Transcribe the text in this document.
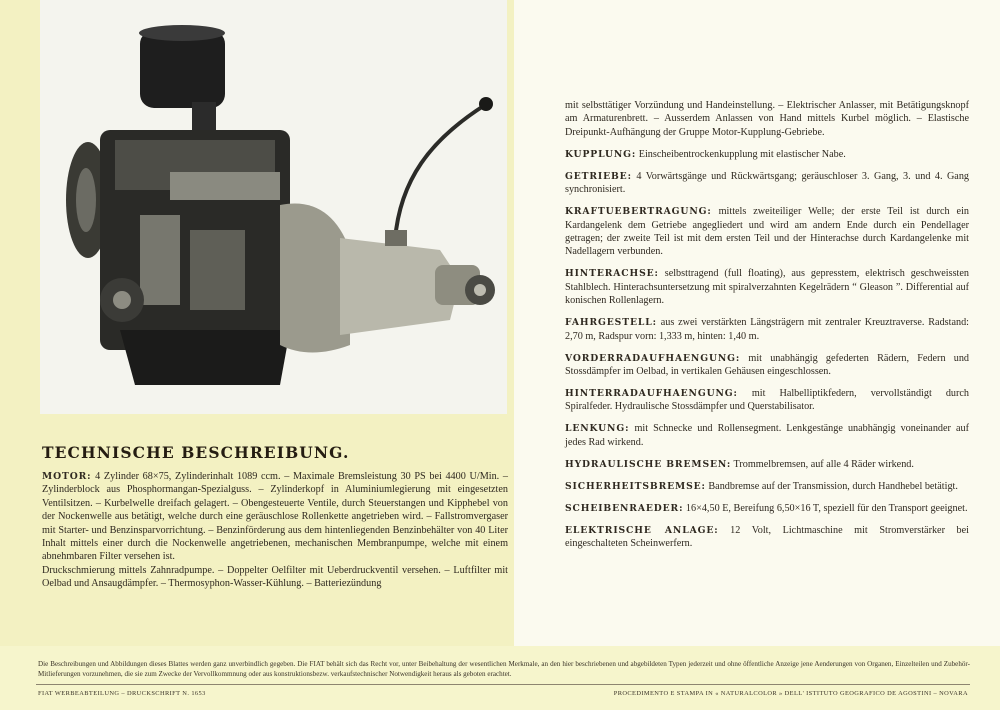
TECHNISCHE BESCHREIBUNG.
MOTOR: 4 Zylinder 68×75, Zylinderinhalt 1089 ccm. – Maximale Bremsleistung 30 PS bei 4400 U/Min. – Zylinderblock aus Phosphormangan-Spezialguss. – Zylinderkopf in Aluminiumlegierung mit eingesetzten Ventilsitzen. – Kurbelwelle dreifach gelagert. – Obengesteuerte Ventile, durch Steuerstangen und Kipphebel von der Nockenwelle aus betätigt, welche durch eine geräuschlose Rollenkette angetrieben wird. – Fallstromvergaser mit Starter- und Benzinsparvorrichtung. – Benzinförderung aus dem hintenliegenden Benzinbehälter von 40 Liter Inhalt mittels einer durch die Nockenwelle angetriebenen, mechanischen Membranpumpe, welche mit einem abnehmbaren Filter versehen ist.
Druckschmierung mittels Zahnradpumpe. – Doppelter Oelfilter mit Ueberdruckventil versehen. – Luftfilter mit Oelbad und Ansaugdämpfer. – Thermosyphon-Wasser-Kühlung. – Batteriezündung
mit selbsttätiger Vorzündung und Handeinstellung. – Elektrischer Anlasser, mit Betätigungsknopf am Armaturenbrett. – Ausserdem Anlassen von Hand mittels Kurbel möglich. – Elastische Dreipunkt-Aufhängung der Gruppe Motor-Kupplung-Gebriebe.
KUPPLUNG: Einscheibentrockenkupplung mit elastischer Nabe.
GETRIEBE: 4 Vorwärtsgänge und Rückwärtsgang; geräuschloser 3. Gang, 3. und 4. Gang synchronisiert.
KRAFTUEBERTRAGUNG: mittels zweiteiliger Welle; der erste Teil ist durch ein Kardangelenk dem Getriebe angegliedert und wird am andern Ende durch ein Pendellager getragen; der zweite Teil ist mit dem ersten Teil und der Hinterachse durch Kardangelenke mit Nadellagern verbunden.
HINTERACHSE: selbsttragend (full floating), aus gepresstem, elektrisch geschweissten Stahlblech. Hinterachsuntersetzung mit spiralverzahnten Kegelrädern “ Gleason ”. Differential auf konischen Rollenlagern.
FAHRGESTELL: aus zwei verstärkten Längsträgern mit zentraler Kreuztraverse. Radstand: 2,70 m, Radspur vorn: 1,333 m, hinten: 1,40 m.
VORDERRADAUFHAENGUNG: mit unabhängig gefederten Rädern, Federn und Stossdämpfer im Oelbad, in vertikalen Gehäusen eingeschlossen.
HINTERRADAUFHAENGUNG: mit Halbelliptikfedern, vervollständigt durch Spiralfeder. Hydraulische Stossdämpfer und Querstabilisator.
LENKUNG: mit Schnecke und Rollensegment. Lenkgestänge unabhängig voneinander auf jedes Rad wirkend.
HYDRAULISCHE BREMSEN: Trommelbremsen, auf alle 4 Räder wirkend.
SICHERHEITSBREMSE: Bandbremse auf der Transmission, durch Handhebel betätigt.
SCHEIBENRAEDER: 16×4,50 E, Bereifung 6,50×16 T, speziell für den Transport geeignet.
ELEKTRISCHE ANLAGE: 12 Volt, Lichtmaschine mit Stromverstärker bei eingeschalteten Scheinwerfern.
Die Beschreibungen und Abbildungen dieses Blattes werden ganz unverbindlich gegeben. Die FIAT behält sich das Recht vor, unter Beibehaltung der wesentlichen Merkmale, an den hier beschriebenen und abgebildeten Typen jederzeit und ohne öffentliche Anzeige jene Aenderungen von Organen, Einzelteilen und Zubehör-Mitlieferungen vorzunehmen, die sie zum Zwecke der Vervollkommnung oder aus konstruktionsbezw. verkaufstechnischer Notwendigkeit heraus als geboten erachtet.
FIAT WERBEABTEILUNG – DRUCKSCHRIFT N. 1653	PROCEDIMENTO E STAMPA IN « NATURALCOLOR » DELL' ISTITUTO GEOGRAFICO DE AGOSTINI – NOVARA
